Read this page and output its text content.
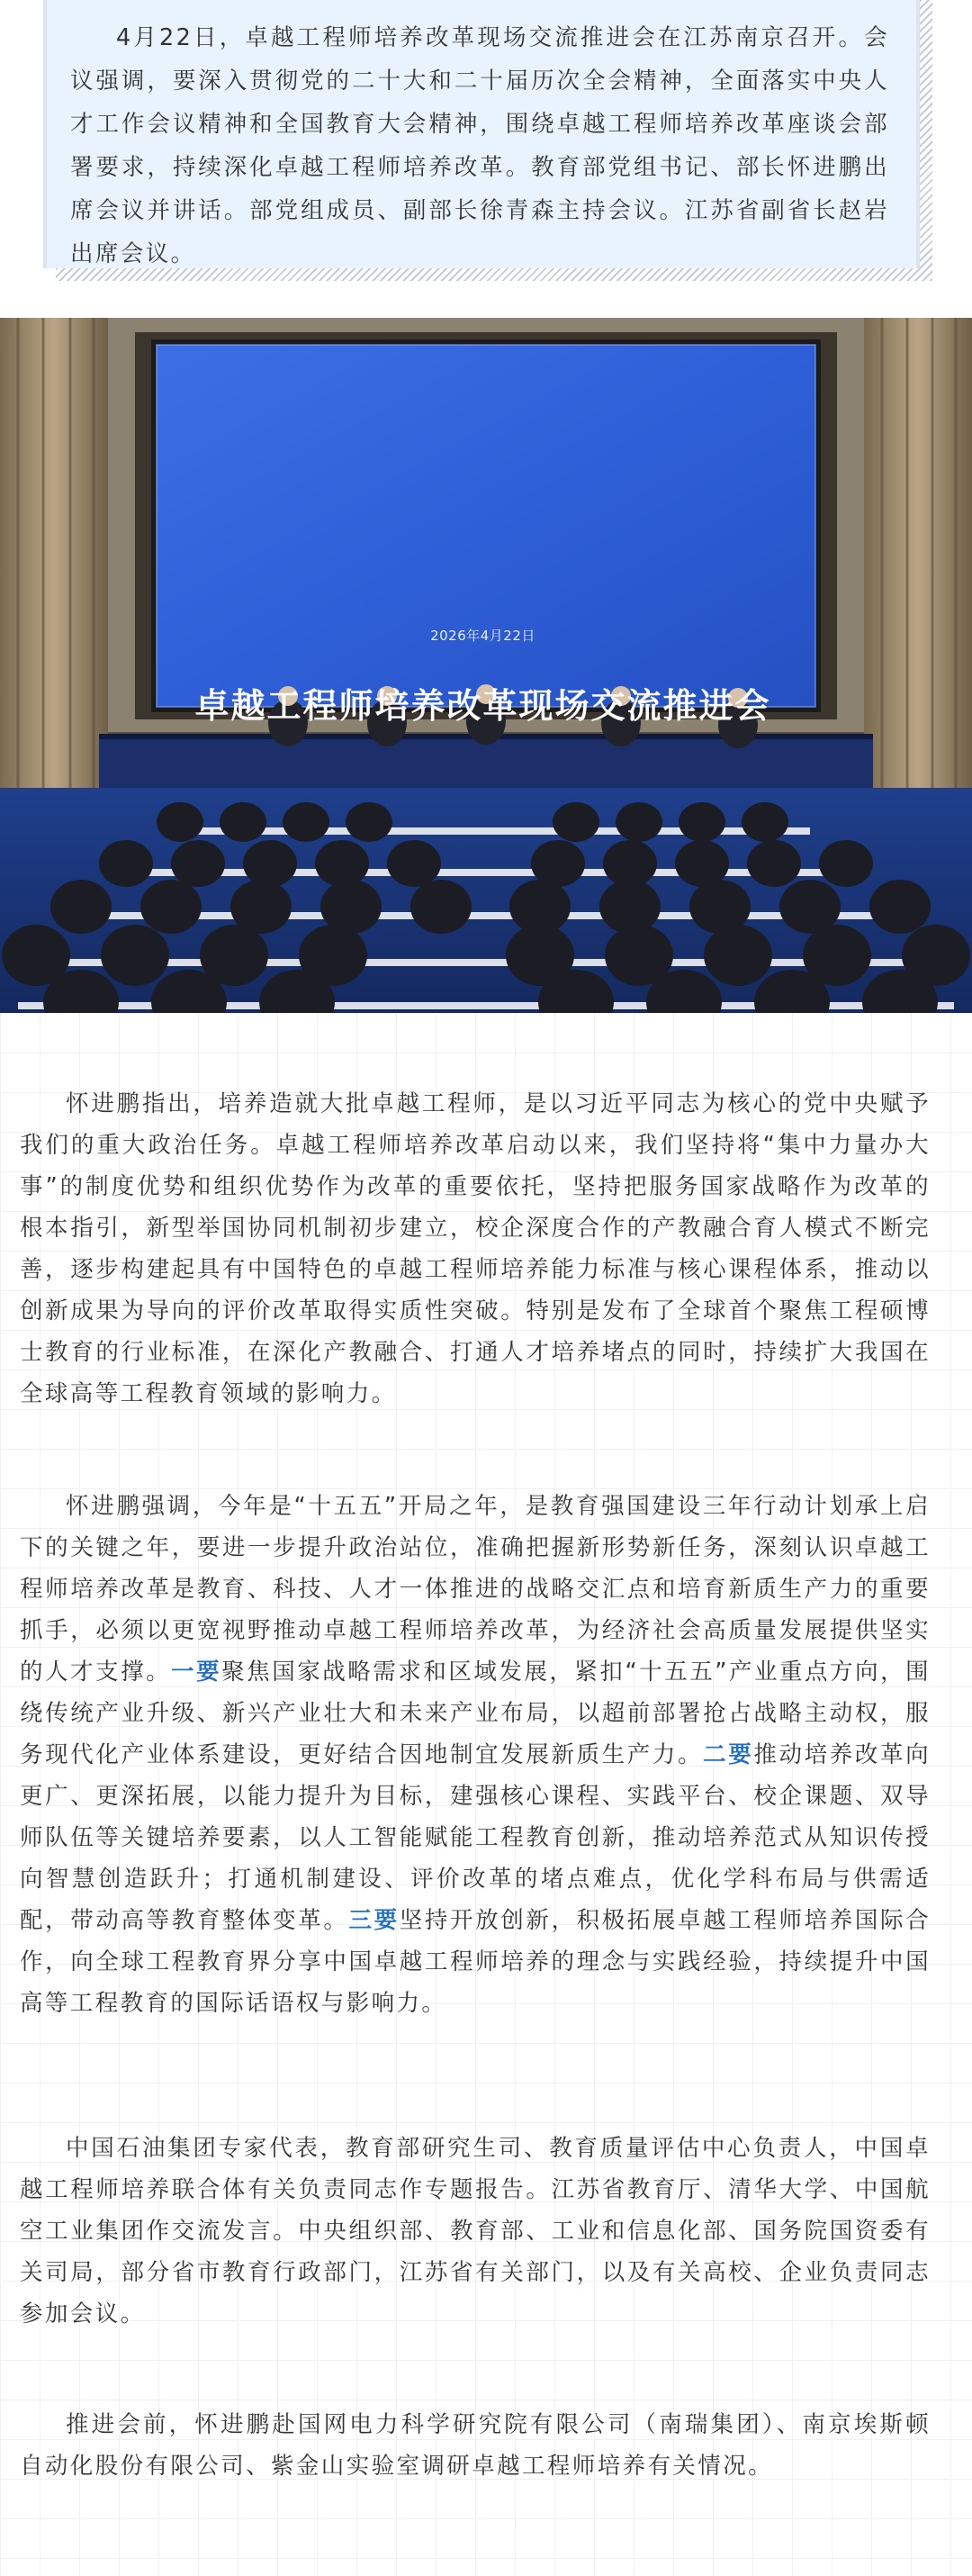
4月22日，卓越工程师培养改革现场交流推进会在江苏南京召开。会议强调，要深入贯彻党的二十大和二十届历次全会精神，全面落实中央人才工作会议精神和全国教育大会精神，围绕卓越工程师培养改革座谈会部署要求，持续深化卓越工程师培养改革。教育部党组书记、部长怀进鹏出席会议并讲话。部党组成员、副部长徐青森主持会议。江苏省副省长赵岩出席会议。

卓越工程师培养改革现场交流推进会
2026年4月22日

怀进鹏指出，培养造就大批卓越工程师，是以习近平同志为核心的党中央赋予我们的重大政治任务。卓越工程师培养改革启动以来，我们坚持将“集中力量办大事”的制度优势和组织优势作为改革的重要依托，坚持把服务国家战略作为改革的根本指引，新型举国协同机制初步建立，校企深度合作的产教融合育人模式不断完善，逐步构建起具有中国特色的卓越工程师培养能力标准与核心课程体系，推动以创新成果为导向的评价改革取得实质性突破。特别是发布了全球首个聚焦工程硕博士教育的行业标准，在深化产教融合、打通人才培养堵点的同时，持续扩大我国在全球高等工程教育领域的影响力。

怀进鹏强调，今年是“十五五”开局之年，是教育强国建设三年行动计划承上启下的关键之年，要进一步提升政治站位，准确把握新形势新任务，深刻认识卓越工程师培养改革是教育、科技、人才一体推进的战略交汇点和培育新质生产力的重要抓手，必须以更宽视野推动卓越工程师培养改革，为经济社会高质量发展提供坚实的人才支撑。一要聚焦国家战略需求和区域发展，紧扣“十五五”产业重点方向，围绕传统产业升级、新兴产业壮大和未来产业布局，以超前部署抢占战略主动权，服务现代化产业体系建设，更好结合因地制宜发展新质生产力。二要推动培养改革向更广、更深拓展，以能力提升为目标，建强核心课程、实践平台、校企课题、双导师队伍等关键培养要素，以人工智能赋能工程教育创新，推动培养范式从知识传授向智慧创造跃升；打通机制建设、评价改革的堵点难点，优化学科布局与供需适配，带动高等教育整体变革。三要坚持开放创新，积极拓展卓越工程师培养国际合作，向全球工程教育界分享中国卓越工程师培养的理念与实践经验，持续提升中国高等工程教育的国际话语权与影响力。

中国石油集团专家代表，教育部研究生司、教育质量评估中心负责人，中国卓越工程师培养联合体有关负责同志作专题报告。江苏省教育厅、清华大学、中国航空工业集团作交流发言。中央组织部、教育部、工业和信息化部、国务院国资委有关司局，部分省市教育行政部门，江苏省有关部门，以及有关高校、企业负责同志参加会议。

推进会前，怀进鹏赴国网电力科学研究院有限公司（南瑞集团）、南京埃斯顿自动化股份有限公司、紫金山实验室调研卓越工程师培养有关情况。
